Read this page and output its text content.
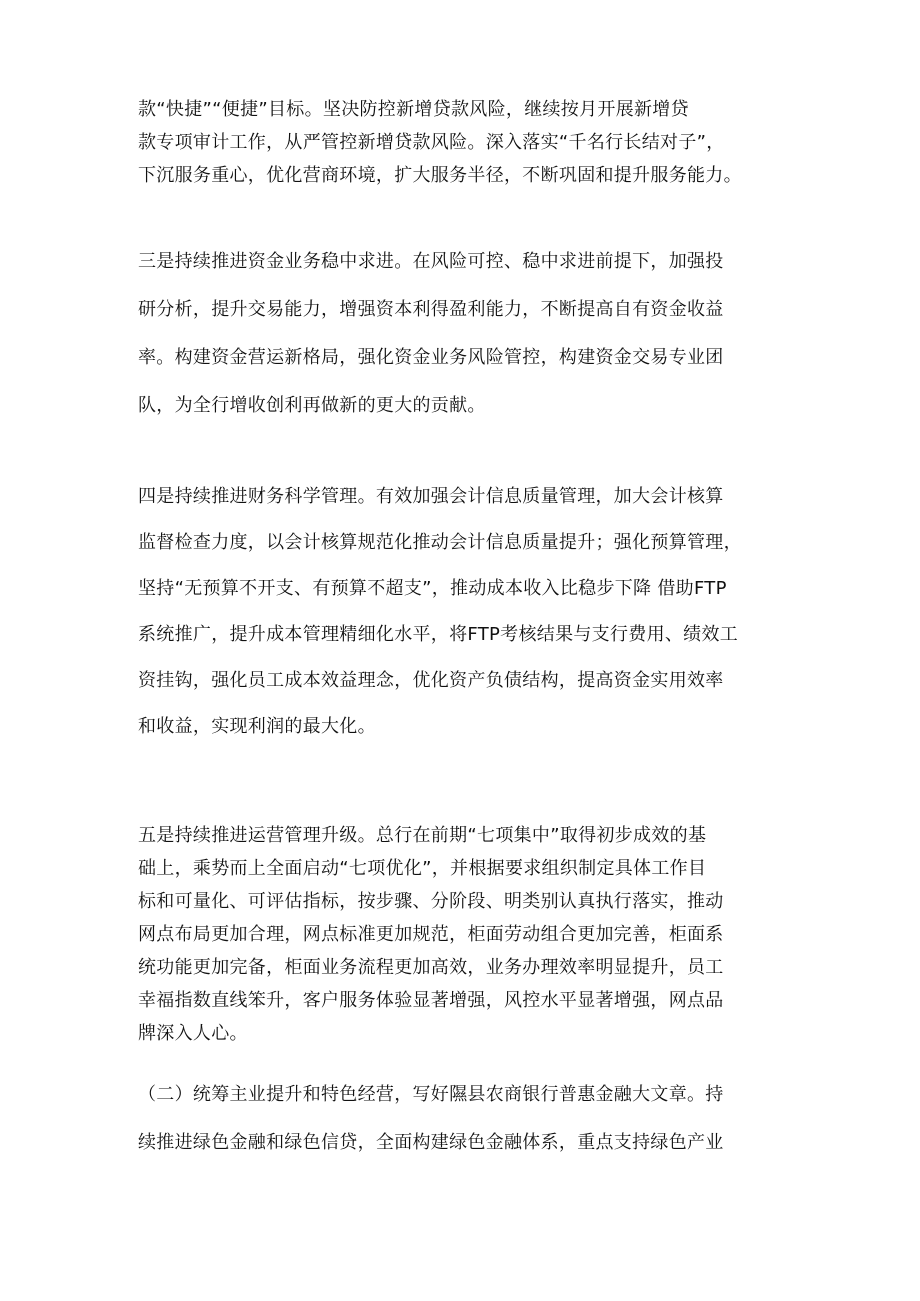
款“快捷”“便捷”目标。坚决防控新增贷款风险，继续按月开展新增贷
款专项审计工作，从严管控新增贷款风险。深入落实“千名行长结对子”，
下沉服务重心，优化营商环境，扩大服务半径，不断巩固和提升服务能力。
三是持续推进资金业务稳中求进。在风险可控、稳中求进前提下，加强投
研分析，提升交易能力，增强资本利得盈利能力，不断提高自有资金收益
率。构建资金营运新格局，强化资金业务风险管控，构建资金交易专业团
队，为全行增收创利再做新的更大的贡献。
四是持续推进财务科学管理。有效加强会计信息质量管理，加大会计核算
监督检查力度，以会计核算规范化推动会计信息质量提升；强化预算管理，
坚持“无预算不开支、有预算不超支”，推动成本收入比稳步下降 借助FTP
系统推广，提升成本管理精细化水平，将FTP考核结果与支行费用、绩效工
资挂钩，强化员工成本效益理念，优化资产负债结构，提高资金实用效率
和收益，实现利润的最大化。
五是持续推进运营管理升级。总行在前期“七项集中”取得初步成效的基
础上，乘势而上全面启动“七项优化”，并根据要求组织制定具体工作目
标和可量化、可评估指标，按步骤、分阶段、明类别认真执行落实，推动
网点布局更加合理，网点标准更加规范，柜面劳动组合更加完善，柜面系
统功能更加完备，柜面业务流程更加高效，业务办理效率明显提升，员工
幸福指数直线笨升，客户服务体验显著增强，风控水平显著增强，网点品
牌深入人心。
（二）统筹主业提升和特色经营，写好隰县农商银行普惠金融大文章。持
续推进绿色金融和绿色信贷，全面构建绿色金融体系，重点支持绿色产业
